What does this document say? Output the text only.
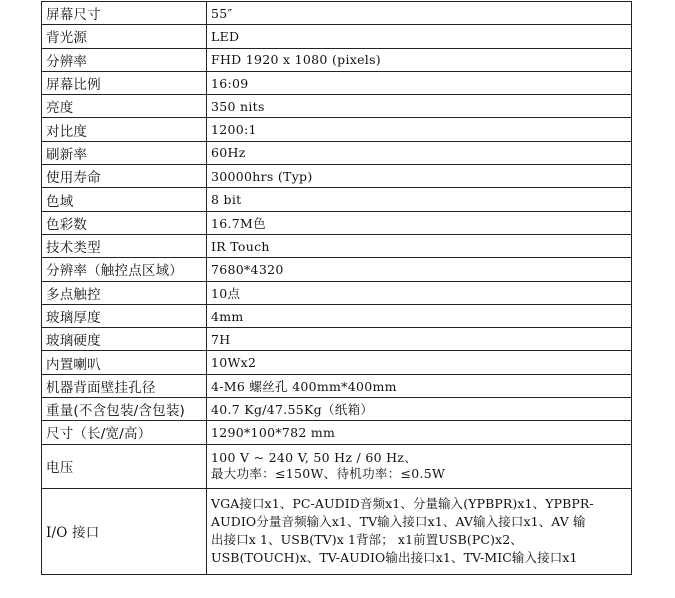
屏幕尺寸	55″
背光源	LED
分辨率	FHD 1920 x 1080 (pixels)
屏幕比例	16:09
亮度	350 nits
对比度	1200:1
刷新率	60Hz
使用寿命	30000hrs (Typ)
色域	8 bit
色彩数	16.7M色
技术类型	IR Touch
分辨率（触控点区域）	7680*4320
多点触控	10点
玻璃厚度	4mm
玻璃硬度	7H
内置喇叭	10Wx2
机器背面壁挂孔径	4-M6 螺丝孔 400mm*400mm
重量(不含包装/含包装)	40.7 Kg/47.55Kg（纸箱）
尺寸（长/宽/高）	1290*100*782 mm
电压	100 V ~ 240 V, 50 Hz / 60 Hz、
最大功率：≤150W、待机功率：≤0.5W

I/O 接口	VGA接口x1、PC-AUDID音频x1、分量输入(YPBPR)x1、YPBPR-
AUDIO分量音频输入x1、TV输入接口x1、AV输入接口x1、AV 输
出接口x 1、USB(TV)x 1背部； x1前置USB(PC)x2、
USB(TOUCH)x、TV-AUDIO输出接口x1、TV-MIC输入接口x1
